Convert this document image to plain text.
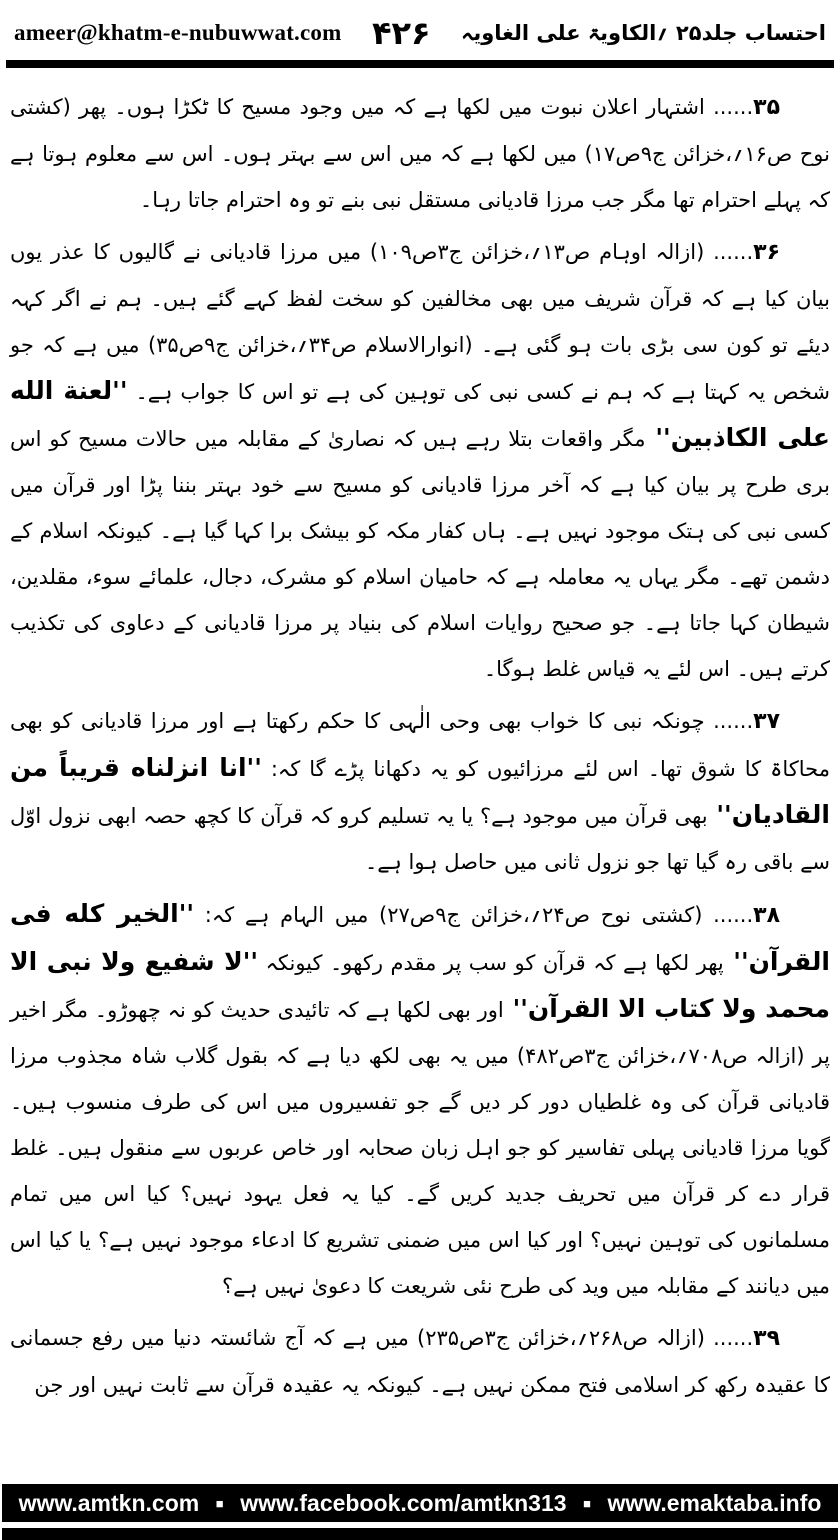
ameer@khatm-e-nubuwwat.com ۴۲۶ احتساب جلد۲۵ ؍الکاویۃ علی الغاویہ

۳۵...... اشتہار اعلان نبوت میں لکھا ہے کہ میں وجود مسیح کا ٹکڑا ہوں۔ پھر (کشتی نوح ص۱۶؍،خزائن ج۹ص۱۷) میں لکھا ہے کہ میں اس سے بہتر ہوں۔ اس سے معلوم ہوتا ہے کہ پہلے احترام تھا مگر جب مرزا قادیانی مستقل نبی بنے تو وہ احترام جاتا رہا۔

۳۶...... (ازالہ اوہام ص۱۳؍،خزائن ج۳ص۱۰۹) میں مرزا قادیانی نے گالیوں کا عذر یوں بیان کیا ہے کہ قرآن شریف میں بھی مخالفین کو سخت لفظ کہے گئے ہیں۔ ہم نے اگر کہہ دیئے تو کون سی بڑی بات ہو گئی ہے۔ (انوارالاسلام ص۳۴؍،خزائن ج۹ص۳۵) میں ہے کہ جو شخص یہ کہتا ہے کہ ہم نے کسی نبی کی توہین کی ہے تو اس کا جواب ہے۔ ''لعنة الله علی الکاذبین'' مگر واقعات بتلا رہے ہیں کہ نصاریٰ کے مقابلہ میں حالات مسیح کو اس بری طرح پر بیان کیا ہے کہ آخر مرزا قادیانی کو مسیح سے خود بہتر بننا پڑا اور قرآن میں کسی نبی کی ہتک موجود نہیں ہے۔ ہاں کفار مکہ کو بیشک برا کہا گیا ہے۔ کیونکہ اسلام کے دشمن تھے۔ مگر یہاں یہ معاملہ ہے کہ حامیان اسلام کو مشرک، دجال، علمائے سوء، مقلدین، شیطان کہا جاتا ہے۔ جو صحیح روایات اسلام کی بنیاد پر مرزا قادیانی کے دعاوی کی تکذیب کرتے ہیں۔ اس لئے یہ قیاس غلط ہوگا۔

۳۷...... چونکہ نبی کا خواب بھی وحی الٰہی کا حکم رکھتا ہے اور مرزا قادیانی کو بھی محاکاۃ کا شوق تھا۔ اس لئے مرزائیوں کو یہ دکھانا پڑے گا کہ: ''انا انزلناه قریباً من القادیان'' بھی قرآن میں موجود ہے؟ یا یہ تسلیم کرو کہ قرآن کا کچھ حصہ ابھی نزول اوّل سے باقی رہ گیا تھا جو نزول ثانی میں حاصل ہوا ہے۔

۳۸...... (کشتی نوح ص۲۴؍،خزائن ج۹ص۲۷) میں الہام ہے کہ: ''الخیر کله فی القرآن'' پھر لکھا ہے کہ قرآن کو سب پر مقدم رکھو۔ کیونکہ ''لا شفیع ولا نبی الا محمد ولا کتاب الا القرآن'' اور بھی لکھا ہے کہ تائیدی حدیث کو نہ چھوڑو۔ مگر اخیر پر (ازالہ ص۷۰۸؍،خزائن ج۳ص۴۸۲) میں یہ بھی لکھ دیا ہے کہ بقول گلاب شاہ مجذوب مرزا قادیانی قرآن کی وہ غلطیاں دور کر دیں گے جو تفسیروں میں اس کی طرف منسوب ہیں۔ گویا مرزا قادیانی پہلی تفاسیر کو جو اہل زبان صحابہ اور خاص عربوں سے منقول ہیں۔ غلط قرار دے کر قرآن میں تحریف جدید کریں گے۔ کیا یہ فعل یہود نہیں؟ کیا اس میں تمام مسلمانوں کی توہین نہیں؟ اور کیا اس میں ضمنی تشریع کا ادعاء موجود نہیں ہے؟ یا کیا اس میں دیانند کے مقابلہ میں وید کی طرح نئی شریعت کا دعویٰ نہیں ہے؟

۳۹...... (ازالہ ص۲۶۸؍،خزائن ج۳ص۲۳۵) میں ہے کہ آج شائستہ دنیا میں رفع جسمانی کا عقیدہ رکھ کر اسلامی فتح ممکن نہیں ہے۔ کیونکہ یہ عقیدہ قرآن سے ثابت نہیں اور جن

www.amtkn.com ■ www.facebook.com/amtkn313 ■ www.emaktaba.info
